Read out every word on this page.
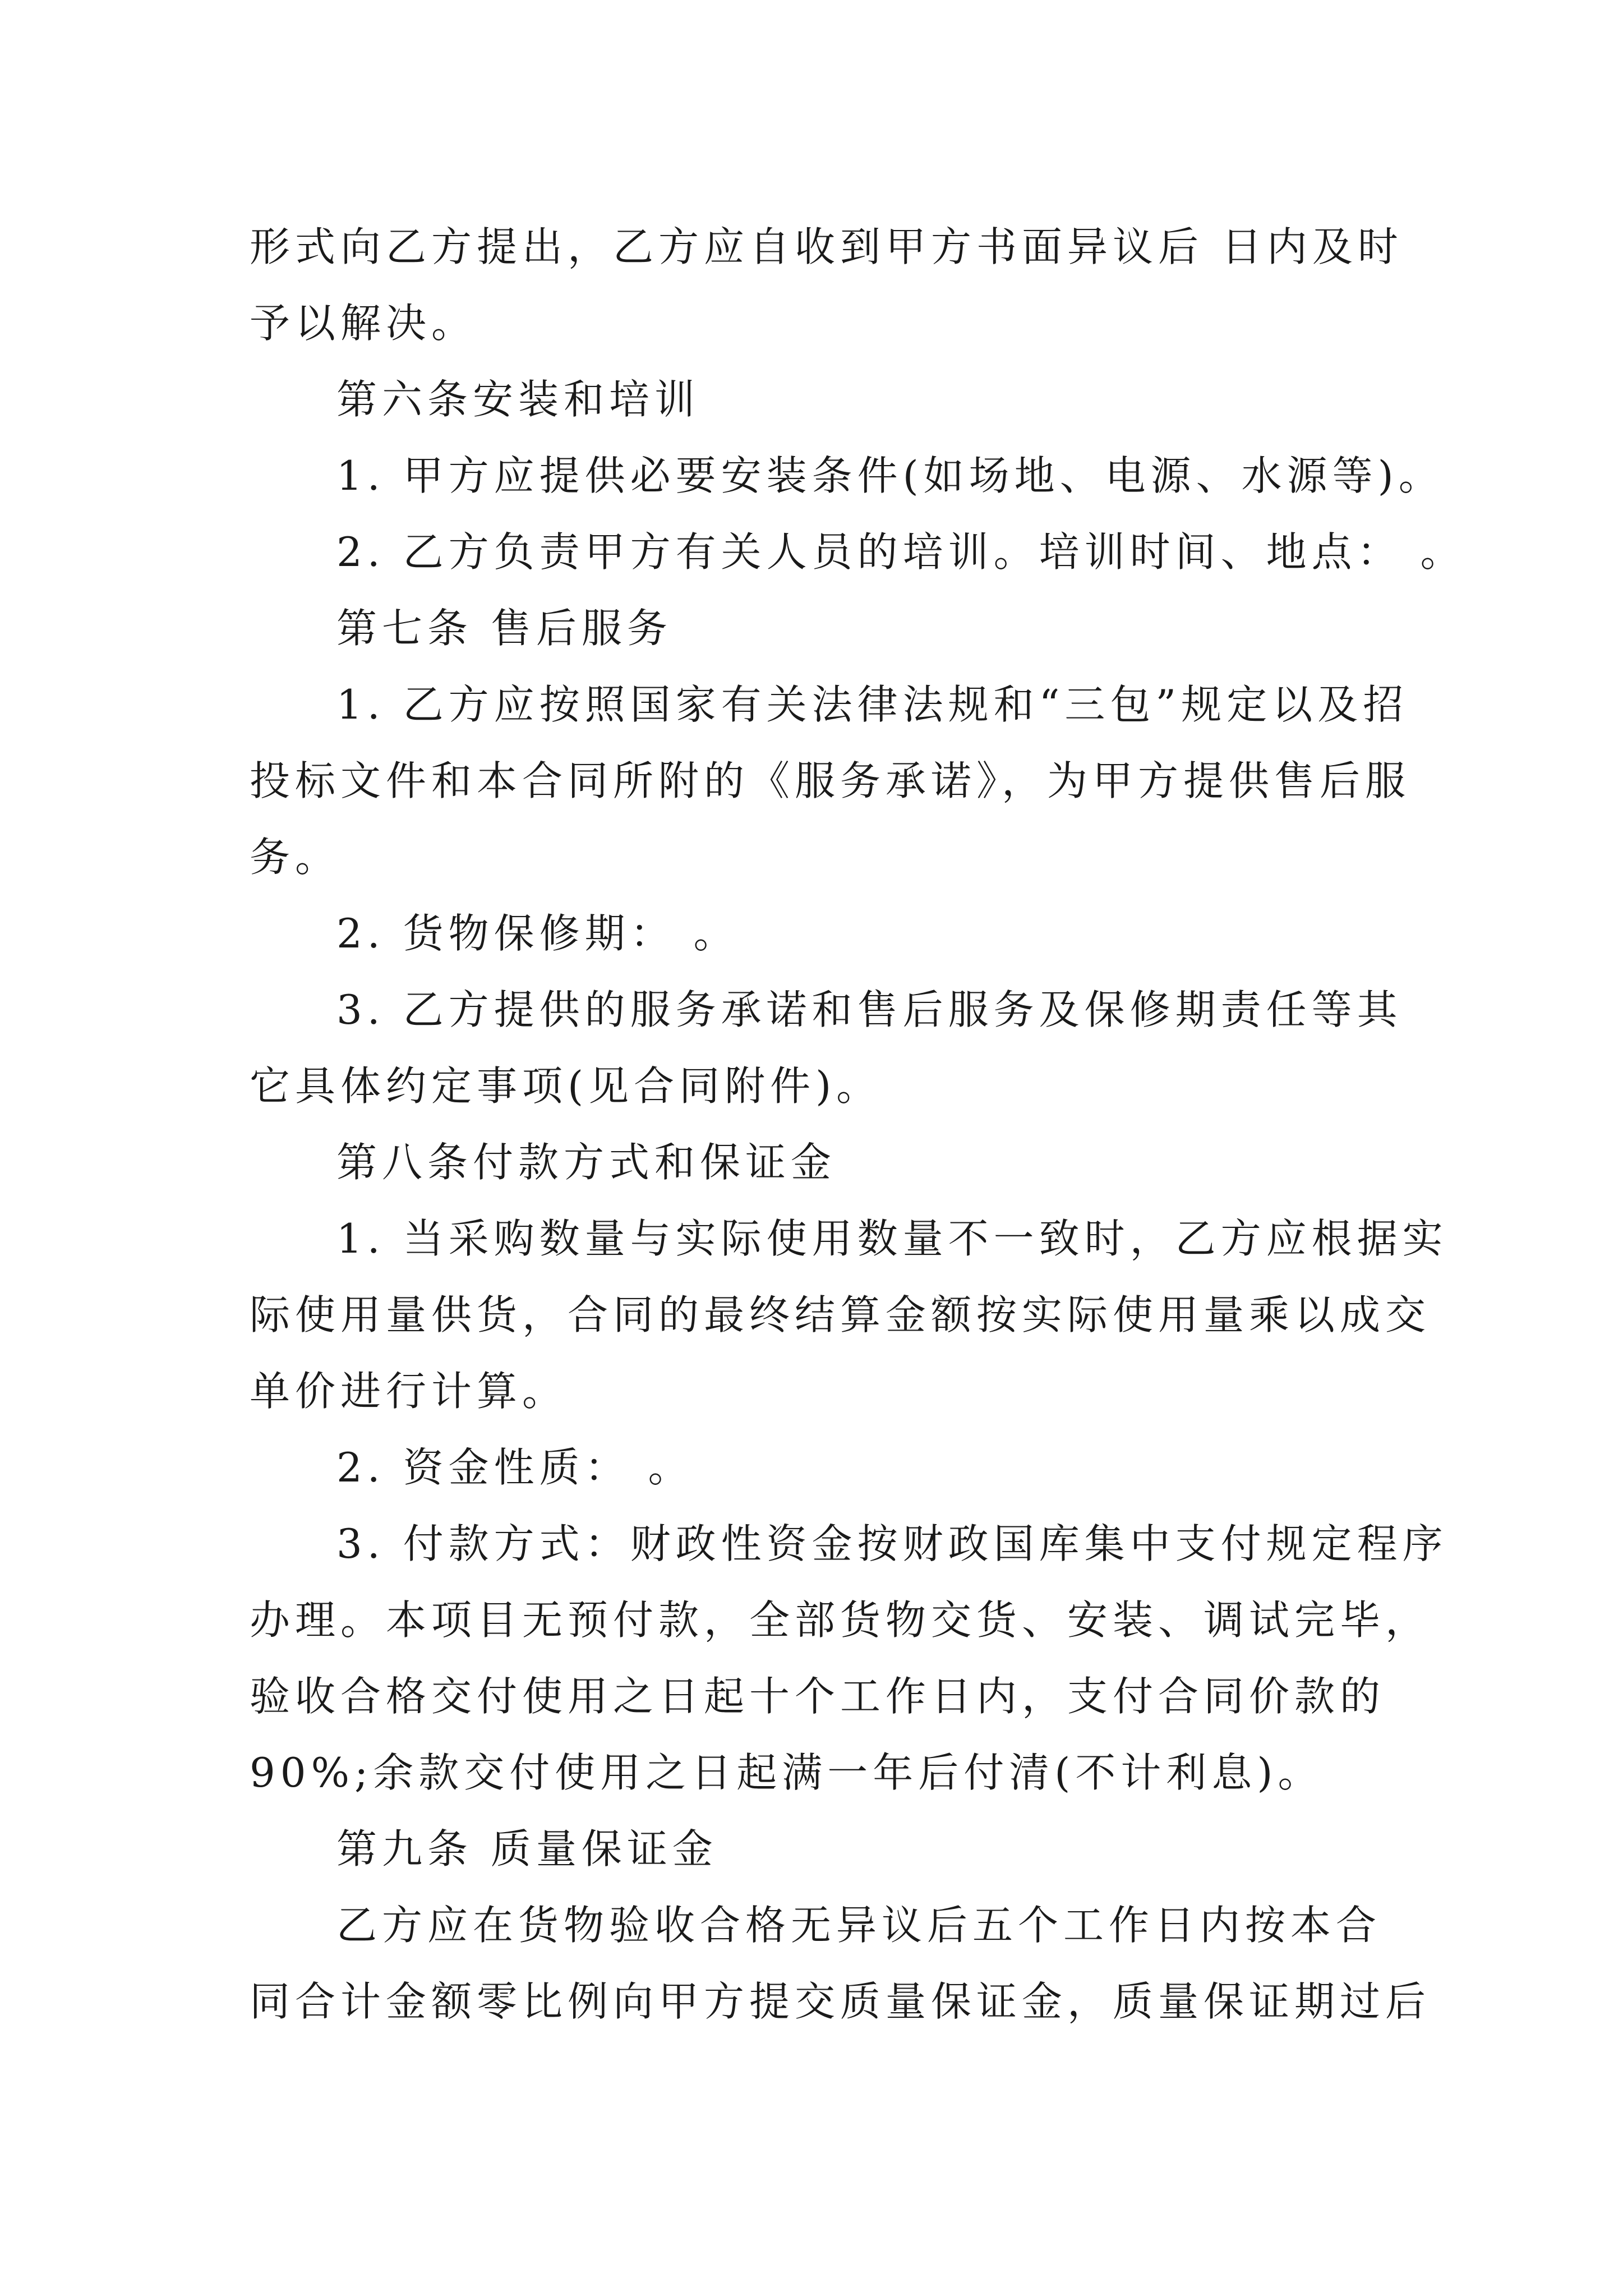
形式向乙方提出，乙方应自收到甲方书面异议后 日内及时
予以解决。
第六条安装和培训
1. 甲方应提供必要安装条件(如场地、电源、水源等)。
2. 乙方负责甲方有关人员的培训。培训时间、地点： 。
第七条 售后服务
1. 乙方应按照国家有关法律法规和“三包”规定以及招
投标文件和本合同所附的《服务承诺》，为甲方提供售后服
务。
2. 货物保修期： 。
3. 乙方提供的服务承诺和售后服务及保修期责任等其
它具体约定事项(见合同附件)。
第八条付款方式和保证金
1. 当采购数量与实际使用数量不一致时，乙方应根据实
际使用量供货，合同的最终结算金额按实际使用量乘以成交
单价进行计算。
2. 资金性质： 。
3. 付款方式：财政性资金按财政国库集中支付规定程序
办理。本项目无预付款，全部货物交货、安装、调试完毕，
验收合格交付使用之日起十个工作日内，支付合同价款的
90%;余款交付使用之日起满一年后付清(不计利息)。
第九条 质量保证金
乙方应在货物验收合格无异议后五个工作日内按本合
同合计金额零比例向甲方提交质量保证金，质量保证期过后
